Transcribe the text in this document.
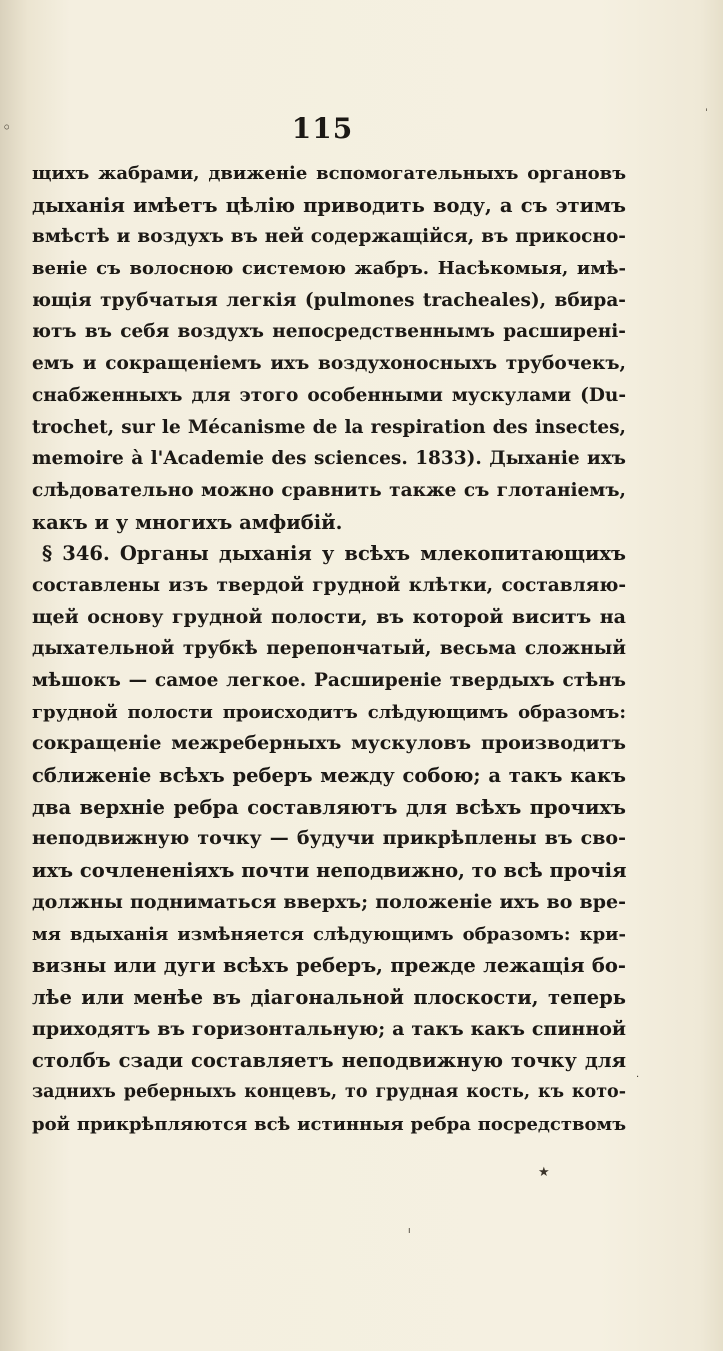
◦
ˈ
115
щихъ жабрами, движенiе вспомогательныхъ органовъ
дыханiя имѣетъ цѣлiю приводить воду, а съ этимъ
вмѣстѣ и воздухъ въ ней содержащiйся, въ прикосно-
венiе съ волосною системою жабръ. Насѣкомыя, имѣ-
ющiя трубчатыя легкiя (pulmones tracheales), вбира-
ютъ въ себя воздухъ непосредственнымъ расширенi-
емъ и сокращенiемъ ихъ воздухоносныхъ трубочекъ,
снабженныхъ для этого особенными мускулами (Du-
trochet, sur le Mécanisme de la respiration des insectes,
memoire à l'Academie des sciences. 1833). Дыханiе ихъ
слѣдовательно можно сравнить также съ глотанiемъ,
какъ и у многихъ амфибiй.
§ 346. Органы дыханiя у всѣхъ млекопитающихъ
составлены изъ твердой грудной клѣтки, составляю-
щей основу грудной полости, въ которой виситъ на
дыхательной трубкѣ перепончатый, весьма сложный
мѣшокъ — самое легкое. Расширенiе твердыхъ стѣнъ
грудной полости происходитъ слѣдующимъ образомъ:
сокращенiе межреберныхъ мускуловъ производитъ
сближенiе всѣхъ реберъ между собою; а такъ какъ
два верхнiе ребра составляютъ для всѣхъ прочихъ
неподвижную точку — будучи прикрѣплены въ сво-
ихъ сочлененiяхъ почти неподвижно, то всѣ прочiя
должны подниматься вверхъ; положенiе ихъ во вре-
мя вдыханiя измѣняется слѣдующимъ образомъ: кри-
визны или дуги всѣхъ реберъ, прежде лежащiя бо-
лѣе или менѣе въ дiагональной плоскости, теперь
приходятъ въ горизонтальную; а такъ какъ спинной
столбъ сзади составляетъ неподвижную точку для
заднихъ реберныхъ концевъ, то грудная кость, къ кото-
рой прикрѣпляются всѣ истинныя ребра посредствомъ
·
★
ı
